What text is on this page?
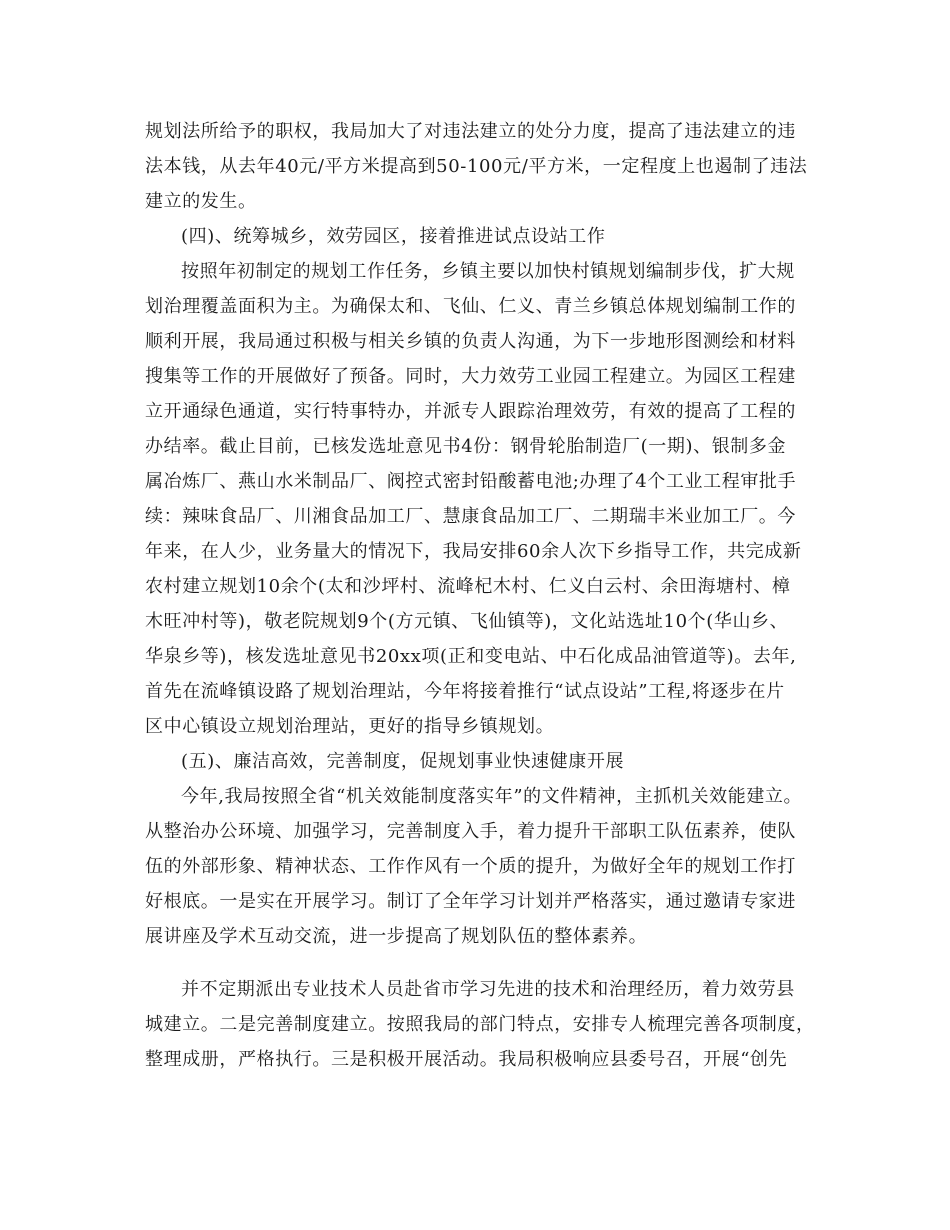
规划法所给予的职权，我局加大了对违法建立的处分力度，提高了违法建立的违
法本钱，从去年40元/平方米提高到50-100元/平方米，一定程度上也遏制了违法
建立的发生。
(四)、统筹城乡，效劳园区，接着推进试点设站工作
按照年初制定的规划工作任务，乡镇主要以加快村镇规划编制步伐，扩大规
划治理覆盖面积为主。为确保太和、飞仙、仁义、青兰乡镇总体规划编制工作的
顺利开展，我局通过积极与相关乡镇的负责人沟通，为下一步地形图测绘和材料
搜集等工作的开展做好了预备。同时，大力效劳工业园工程建立。为园区工程建
立开通绿色通道，实行特事特办，并派专人跟踪治理效劳，有效的提高了工程的
办结率。截止目前，已核发选址意见书4份：钢骨轮胎制造厂(一期)、银制多金
属冶炼厂、燕山水米制品厂、阀控式密封铅酸蓄电池;办理了4个工业工程审批手
续：辣味食品厂、川湘食品加工厂、慧康食品加工厂、二期瑞丰米业加工厂。今
年来，在人少，业务量大的情况下，我局安排60余人次下乡指导工作，共完成新
农村建立规划10余个(太和沙坪村、流峰杞木村、仁义白云村、余田海塘村、樟
木旺冲村等)，敬老院规划9个(方元镇、飞仙镇等)，文化站选址10个(华山乡、
华泉乡等)，核发选址意见书20xx项(正和变电站、中石化成品油管道等)。去年,
首先在流峰镇设路了规划治理站，今年将接着推行“试点设站”工程,将逐步在片
区中心镇设立规划治理站，更好的指导乡镇规划。
(五)、廉洁高效，完善制度，促规划事业快速健康开展
今年,我局按照全省“机关效能制度落实年”的文件精神，主抓机关效能建立。
从整治办公环境、加强学习，完善制度入手，着力提升干部职工队伍素养，使队
伍的外部形象、精神状态、工作作风有一个质的提升，为做好全年的规划工作打
好根底。一是实在开展学习。制订了全年学习计划并严格落实，通过邀请专家进
展讲座及学术互动交流，进一步提高了规划队伍的整体素养。
并不定期派出专业技术人员赴省市学习先进的技术和治理经历，着力效劳县
城建立。二是完善制度建立。按照我局的部门特点，安排专人梳理完善各项制度，
整理成册，严格执行。三是积极开展活动。我局积极响应县委号召，开展“创先
